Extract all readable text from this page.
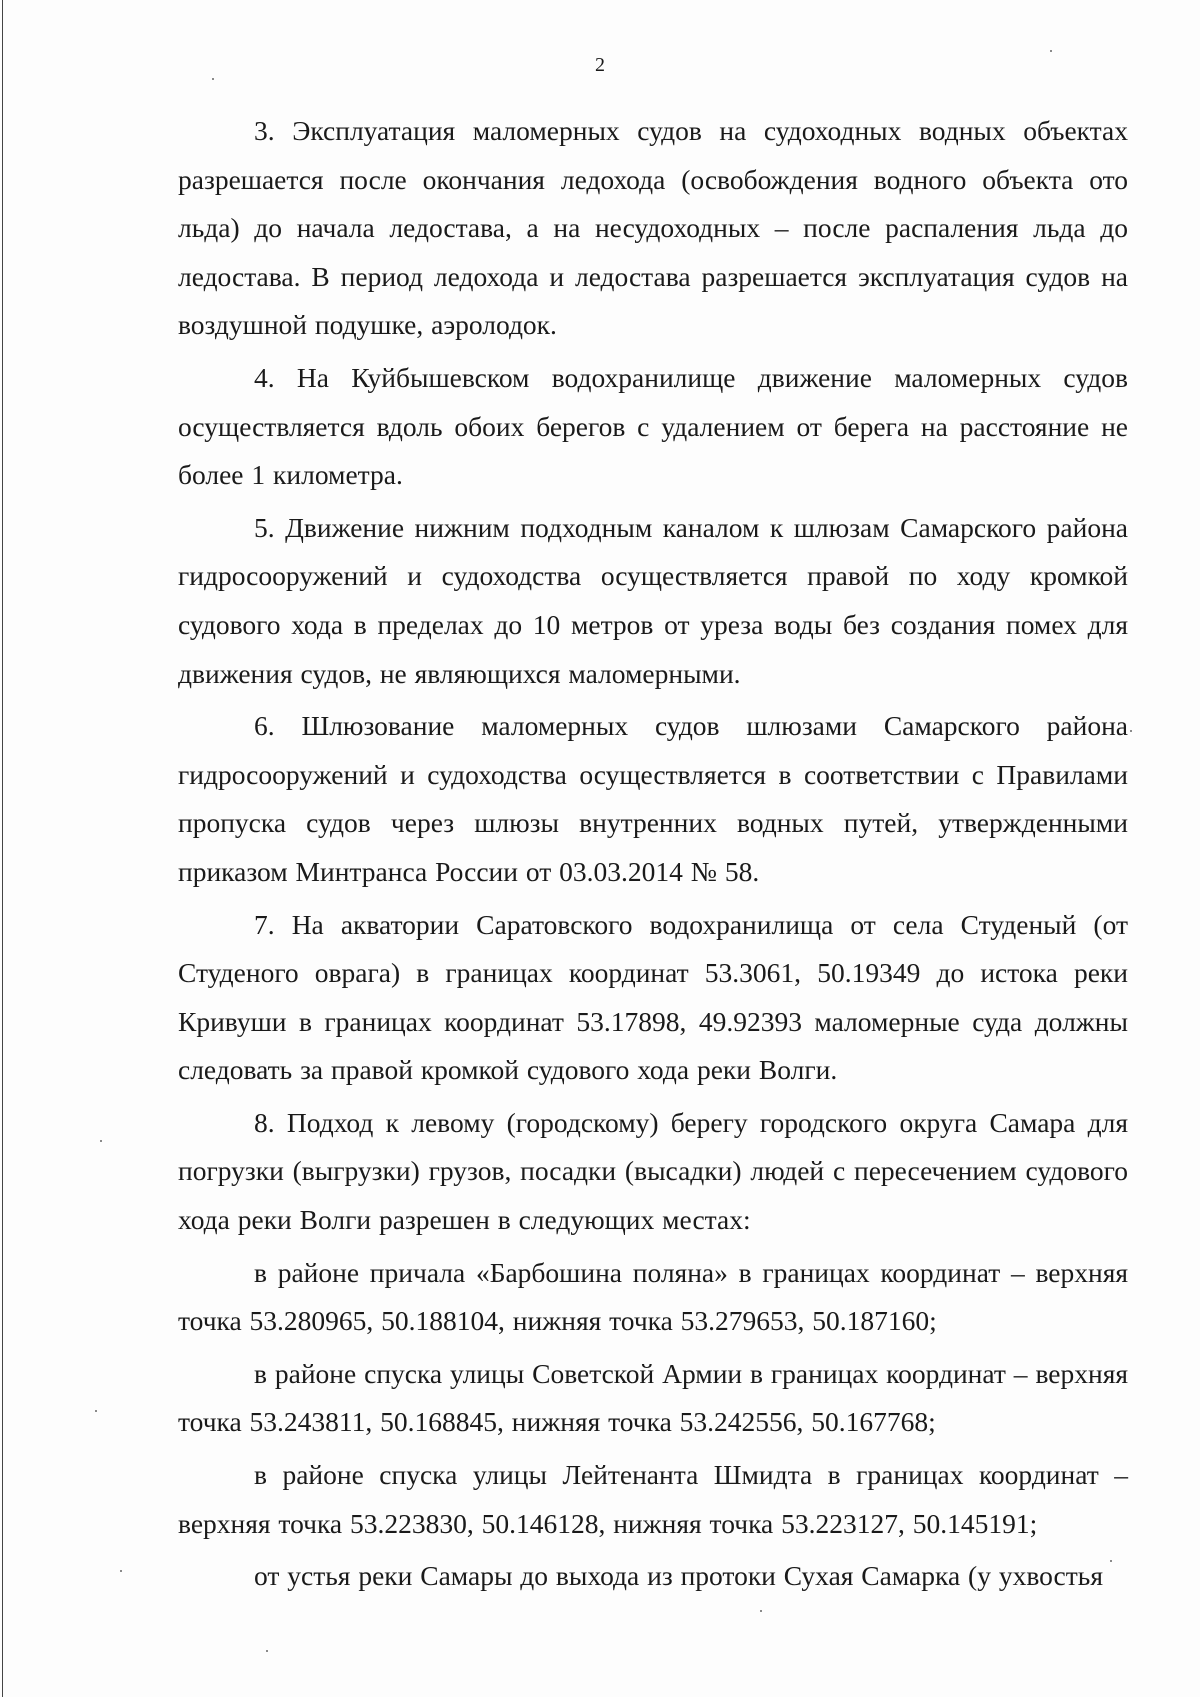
2

3. Эксплуатация маломерных судов на судоходных водных объектах разрешается после окончания ледохода (освобождения водного объекта ото льда) до начала ледостава, а на несудоходных – после распаления льда до ледостава. В период ледохода и ледостава разрешается эксплуатация судов на воздушной подушке, аэролодок.

4. На Куйбышевском водохранилище движение маломерных судов осуществляется вдоль обоих берегов с удалением от берега на расстояние не более 1 километра.

5. Движение нижним подходным каналом к шлюзам Самарского района гидросооружений и судоходства осуществляется правой по ходу кромкой судового хода в пределах до 10 метров от уреза воды без создания помех для движения судов, не являющихся маломерными.

6. Шлюзование маломерных судов шлюзами Самарского района гидросооружений и судоходства осуществляется в соответствии с Правилами пропуска судов через шлюзы внутренних водных путей, утвержденными приказом Минтранса России от 03.03.2014 № 58.

7. На акватории Саратовского водохранилища от села Студеный (от Студеного оврага) в границах координат 53.3061, 50.19349 до истока реки Кривуши в границах координат 53.17898, 49.92393 маломерные суда должны следовать за правой кромкой судового хода реки Волги.

8. Подход к левому (городскому) берегу городского округа Самара для погрузки (выгрузки) грузов, посадки (высадки) людей с пересечением судового хода реки Волги разрешен в следующих местах:

в районе причала «Барбошина поляна» в границах координат – верхняя точка 53.280965, 50.188104, нижняя точка 53.279653, 50.187160;

в районе спуска улицы Советской Армии в границах координат – верхняя точка 53.243811, 50.168845, нижняя точка 53.242556, 50.167768;

в районе спуска улицы Лейтенанта Шмидта в границах координат – верхняя точка 53.223830, 50.146128, нижняя точка 53.223127, 50.145191;

от устья реки Самары до выхода из протоки Сухая Самарка (у ухвостья
